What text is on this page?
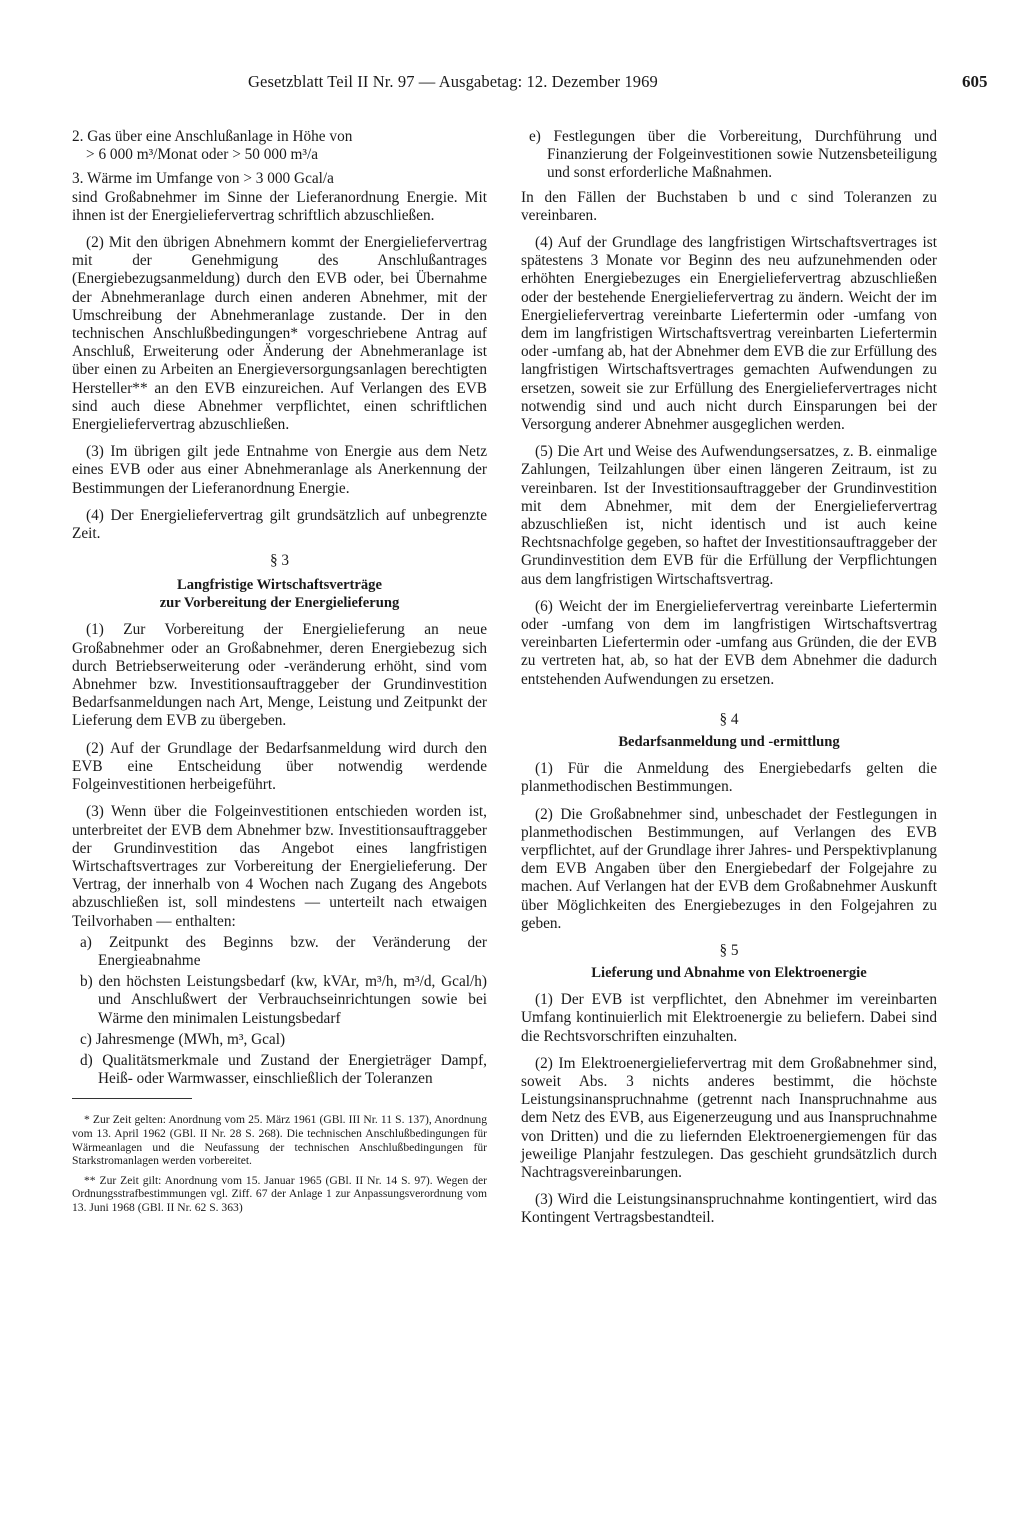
Gesetzblatt Teil II Nr. 97 — Ausgabetag: 12. Dezember 1969	605

2. Gas über eine Anschlußanlage in Höhe von

> 6 000 m³/Monat oder > 50 000 m³/a

3. Wärme im Umfange von > 3 000 Gcal/a

sind Großabnehmer im Sinne der Lieferanordnung Energie. Mit ihnen ist der Energieliefervertrag schriftlich abzuschließen.

(2) Mit den übrigen Abnehmern kommt der Energieliefervertrag mit der Genehmigung des Anschlußantrages (Energiebezugsanmeldung) durch den EVB oder, bei Übernahme der Abnehmeranlage durch einen anderen Abnehmer, mit der Umschreibung der Abnehmeranlage zustande. Der in den technischen Anschlußbedingungen* vorgeschriebene Antrag auf Anschluß, Erweiterung oder Änderung der Abnehmeranlage ist über einen zu Arbeiten an Energieversorgungsanlagen berechtigten Hersteller** an den EVB einzureichen. Auf Verlangen des EVB sind auch diese Abnehmer verpflichtet, einen schriftlichen Energieliefervertrag abzuschließen.

(3) Im übrigen gilt jede Entnahme von Energie aus dem Netz eines EVB oder aus einer Abnehmeranlage als Anerkennung der Bestimmungen der Lieferanordnung Energie.

(4) Der Energieliefervertrag gilt grundsätzlich auf unbegrenzte Zeit.

§ 3

Langfristige Wirtschaftsverträge

zur Vorbereitung der Energielieferung

(1) Zur Vorbereitung der Energielieferung an neue Großabnehmer oder an Großabnehmer, deren Energiebezug sich durch Betriebserweiterung oder -veränderung erhöht, sind vom Abnehmer bzw. Investitionsauftraggeber der Grundinvestition Bedarfsanmeldungen nach Art, Menge, Leistung und Zeitpunkt der Lieferung dem EVB zu übergeben.

(2) Auf der Grundlage der Bedarfsanmeldung wird durch den EVB eine Entscheidung über notwendig werdende Folgeinvestitionen herbeigeführt.

(3) Wenn über die Folgeinvestitionen entschieden worden ist, unterbreitet der EVB dem Abnehmer bzw. Investitionsauftraggeber der Grundinvestition das Angebot eines langfristigen Wirtschaftsvertrages zur Vorbereitung der Energielieferung. Der Vertrag, der innerhalb von 4 Wochen nach Zugang des Angebots abzuschließen ist, soll mindestens — unterteilt nach etwaigen Teilvorhaben — enthalten:

a) Zeitpunkt des Beginns bzw. der Veränderung der Energieabnahme

b) den höchsten Leistungsbedarf (kw, kVAr, m³/h, m³/d, Gcal/h) und Anschlußwert der Verbrauchseinrichtungen sowie bei Wärme den minimalen Leistungsbedarf

c) Jahresmenge (MWh, m³, Gcal)

d) Qualitätsmerkmale und Zustand der Energieträger Dampf, Heiß- oder Warmwasser, einschließlich der Toleranzen

* Zur Zeit gelten: Anordnung vom 25. März 1961 (GBl. III Nr. 11 S. 137), Anordnung vom 13. April 1962 (GBl. II Nr. 28 S. 268). Die technischen Anschlußbedingungen für Wärmeanlagen und die Neufassung der technischen Anschlußbedingungen für Starkstromanlagen werden vorbereitet.

** Zur Zeit gilt: Anordnung vom 15. Januar 1965 (GBl. II Nr. 14 S. 97). Wegen der Ordnungsstrafbestimmungen vgl. Ziff. 67 der Anlage 1 zur Anpassungsverordnung vom 13. Juni 1968 (GBl. II Nr. 62 S. 363)

e) Festlegungen über die Vorbereitung, Durchführung und Finanzierung der Folgeinvestitionen sowie Nutzensbeteiligung und sonst erforderliche Maßnahmen.

In den Fällen der Buchstaben b und c sind Toleranzen zu vereinbaren.

(4) Auf der Grundlage des langfristigen Wirtschaftsvertrages ist spätestens 3 Monate vor Beginn des neu aufzunehmenden oder erhöhten Energiebezuges ein Energieliefervertrag abzuschließen oder der bestehende Energieliefervertrag zu ändern. Weicht der im Energieliefervertrag vereinbarte Liefertermin oder -umfang von dem im langfristigen Wirtschaftsvertrag vereinbarten Liefertermin oder -umfang ab, hat der Abnehmer dem EVB die zur Erfüllung des langfristigen Wirtschaftsvertrages gemachten Aufwendungen zu ersetzen, soweit sie zur Erfüllung des Energieliefervertrages nicht notwendig sind und auch nicht durch Einsparungen bei der Versorgung anderer Abnehmer ausgeglichen werden.

(5) Die Art und Weise des Aufwendungsersatzes, z. B. einmalige Zahlungen, Teilzahlungen über einen längeren Zeitraum, ist zu vereinbaren. Ist der Investitionsauftraggeber der Grundinvestition mit dem Abnehmer, mit dem der Energieliefervertrag abzuschließen ist, nicht identisch und ist auch keine Rechtsnachfolge gegeben, so haftet der Investitionsauftraggeber der Grundinvestition dem EVB für die Erfüllung der Verpflichtungen aus dem langfristigen Wirtschaftsvertrag.

(6) Weicht der im Energieliefervertrag vereinbarte Liefertermin oder -umfang von dem im langfristigen Wirtschaftsvertrag vereinbarten Liefertermin oder -umfang aus Gründen, die der EVB zu vertreten hat, ab, so hat der EVB dem Abnehmer die dadurch entstehenden Aufwendungen zu ersetzen.

§ 4

Bedarfsanmeldung und -ermittlung

(1) Für die Anmeldung des Energiebedarfs gelten die planmethodischen Bestimmungen.

(2) Die Großabnehmer sind, unbeschadet der Festlegungen in planmethodischen Bestimmungen, auf Verlangen des EVB verpflichtet, auf der Grundlage ihrer Jahres- und Perspektivplanung dem EVB Angaben über den Energiebedarf der Folgejahre zu machen. Auf Verlangen hat der EVB dem Großabnehmer Auskunft über Möglichkeiten des Energiebezuges in den Folgejahren zu geben.

§ 5

Lieferung und Abnahme von Elektroenergie

(1) Der EVB ist verpflichtet, den Abnehmer im vereinbarten Umfang kontinuierlich mit Elektroenergie zu beliefern. Dabei sind die Rechtsvorschriften einzuhalten.

(2) Im Elektroenergieliefervertrag mit dem Großabnehmer sind, soweit Abs. 3 nichts anderes bestimmt, die höchste Leistungsinanspruchnahme (getrennt nach Inanspruchnahme aus dem Netz des EVB, aus Eigenerzeugung und aus Inanspruchnahme von Dritten) und die zu liefernden Elektroenergiemengen für das jeweilige Planjahr festzulegen. Das geschieht grundsätzlich durch Nachtragsvereinbarungen.

(3) Wird die Leistungsinanspruchnahme kontingentiert, wird das Kontingent Vertragsbestandteil.
